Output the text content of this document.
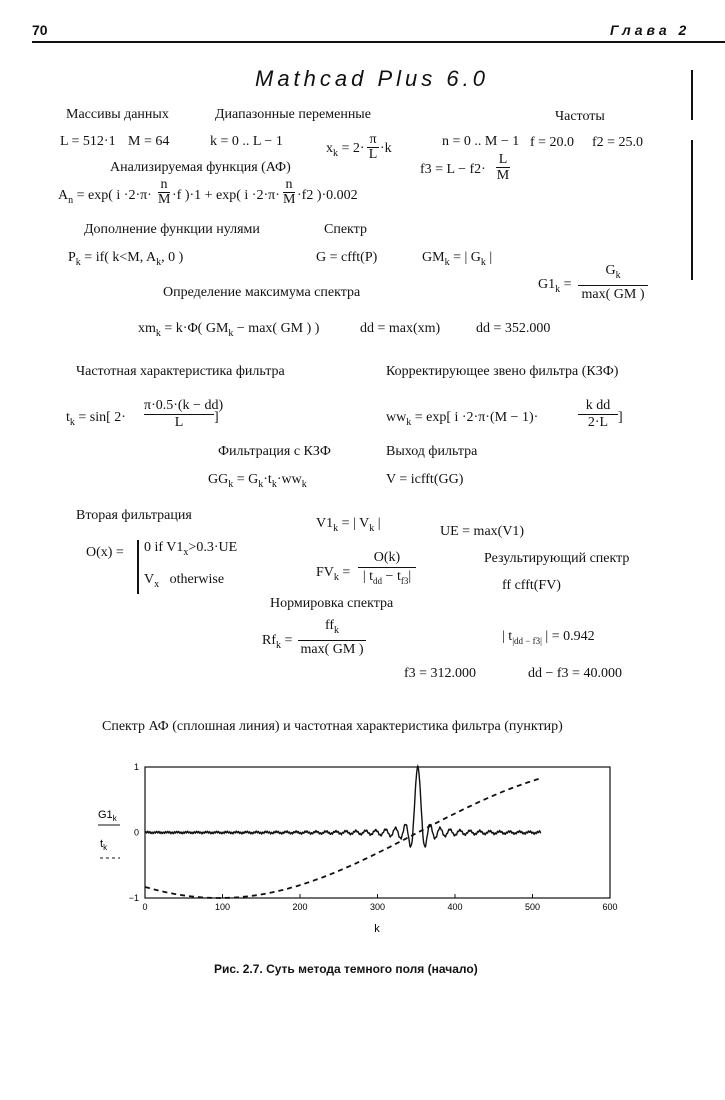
70	Глава 2
Mathcad Plus 6.0
Массивы данных	Диапазонные переменные	Частоты
L = 512·1 M = 64	k = 0 .. L − 1	$x_k = 2\cdot$
π
L ·k	n = 0 .. M − 1 f = 20.0 f2 = 25.0
Анализируемая функция (АФ)	f3 = L − f2·
L
M
$A_n = \exp$( i ·2·π·
n
M ·f )·1 + exp( i ·2·π·
n
M ·f2 )·0.002
Дополнение функции нулями	Спектр
$P_k = if$( k<M, $A_k$, 0 )	G = cfft(P)	$GM_k$ = | $G_k$ |
$G1_k$ =
$G_k$
max( GM )
Определение максимума спектра
$xm_k = k\cdot\Phi$( $GM_k - \max$( GM ) )	dd = max(xm)	dd = 352.000
Частотная характеристика фильтра	Корректирующее звено фильтра (КЗФ)
$t_k = \sin$[ 2·
π·0.5·(k − dd)
L	]	$ww_k = \exp$[ i ·2·π·(M − 1)·
k dd
2·L ]
Фильтрация с КЗФ	Выход фильтра
$GG_k = G_k\cdot t_k\cdot ww_k$	V = icfft(GG)
Вторая фильтрация
$V1_k$ = | $V_k$ |
UE = max(V1)
O(x) = 0 if $V1_x>0.3\cdot UE$
$V_x$ otherwise	$FV_k$ =
O(k)
| $t_{dd} - t_{f3}|$
Результирующий спектр
ff cfft(FV)
Нормировка спектра
$Rf_k$ =
$ff_k$
max( GM )
| $t_{|dd - f3|}$ | = 0.942
f3 = 312.000	dd − f3 = 40.000
Спектр АФ (сплошная линия) и частотная характеристика фильтра (пунктир)
0	100	200	300	400	500	600
1
0
−1
$G1_k$
$t_k$
k
Рис. 2.7. Суть метода темного поля (начало)
